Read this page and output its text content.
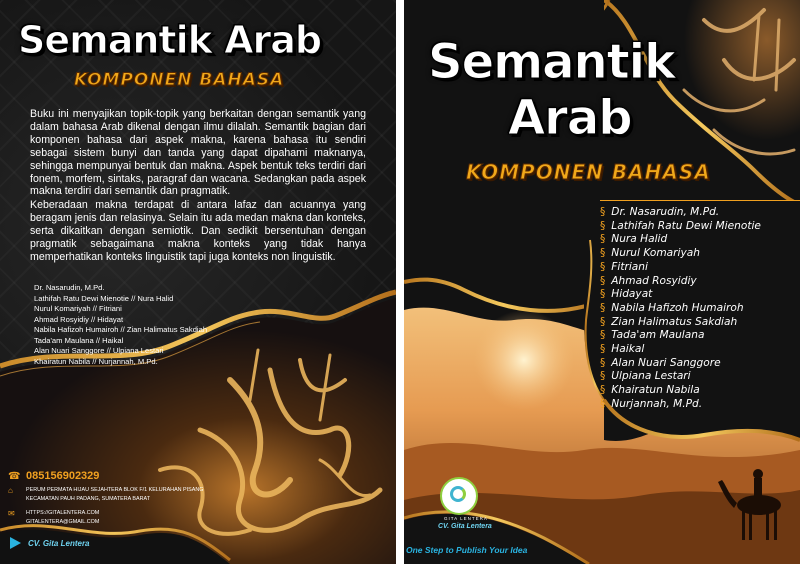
Semantik Arab
KOMPONEN BAHASA

Buku ini menyajikan topik-topik yang berkaitan dengan semantik yang dalam bahasa Arab dikenal dengan ilmu dilalah. Semantik bagian dari komponen bahasa dari aspek makna, karena bahasa itu sendiri sebagai sistem bunyi dan tanda yang dapat dipahami maknanya, sehingga mempunyai bentuk dan makna. Aspek bentuk teks terdiri dari fonem, morfem, sintaks, paragraf dan wacana. Sedangkan pada aspek makna terdiri dari semantik dan pragmatik.

Keberadaan makna terdapat di antara lafaz dan acuannya yang beragam jenis dan relasinya. Selain itu ada medan makna dan konteks, serta dikaitkan dengan semiotik. Dan sedikit bersentuhan dengan pragmatik sebagaimana makna konteks yang tidak hanya memperhatikan konteks linguistik tapi juga konteks non linguistik.

Dr. Nasarudin, M.Pd.
Lathifah Ratu Dewi Mienotie // Nura Halid
Nurul Komariyah // Fitriani
Ahmad Rosyidiy // Hidayat
Nabila Hafizoh Humairoh // Zian Halimatus Sakdiah
Tada'am Maulana // Haikal
Alan Nuari Sanggore // Ulpiana Lestari
Khairatun Nabila // Nurjannah, M.Pd.
☎ 085156902329
⌂ PERUM PERMATA HIJAU SEJAHTERA BLOK F/1 KELURAHAN PISANG

KECAMATAN PAUH PADANG, SUMATERA BARAT
✉ HTTPS://GITALENTERA.COM

GITALENTERA@GMAIL.COM
CV. Gita Lentera
Semantik
Arab
KOMPONEN BAHASA
§ Dr. Nasarudin, M.Pd.
§ Lathifah Ratu Dewi Mienotie
§ Nura Halid
§ Nurul Komariyah
§ Fitriani
§ Ahmad Rosyidiy
§ Hidayat
§ Nabila Hafizoh Humairoh
§ Zian Halimatus Sakdiah
§ Tada'am Maulana
§ Haikal
§ Alan Nuari Sanggore
§ Ulpiana Lestari
§ Khairatun Nabila
§ Nurjannah, M.Pd.
GITA LENTERA
CV. Gita Lentera
One Step to Publish Your Idea
